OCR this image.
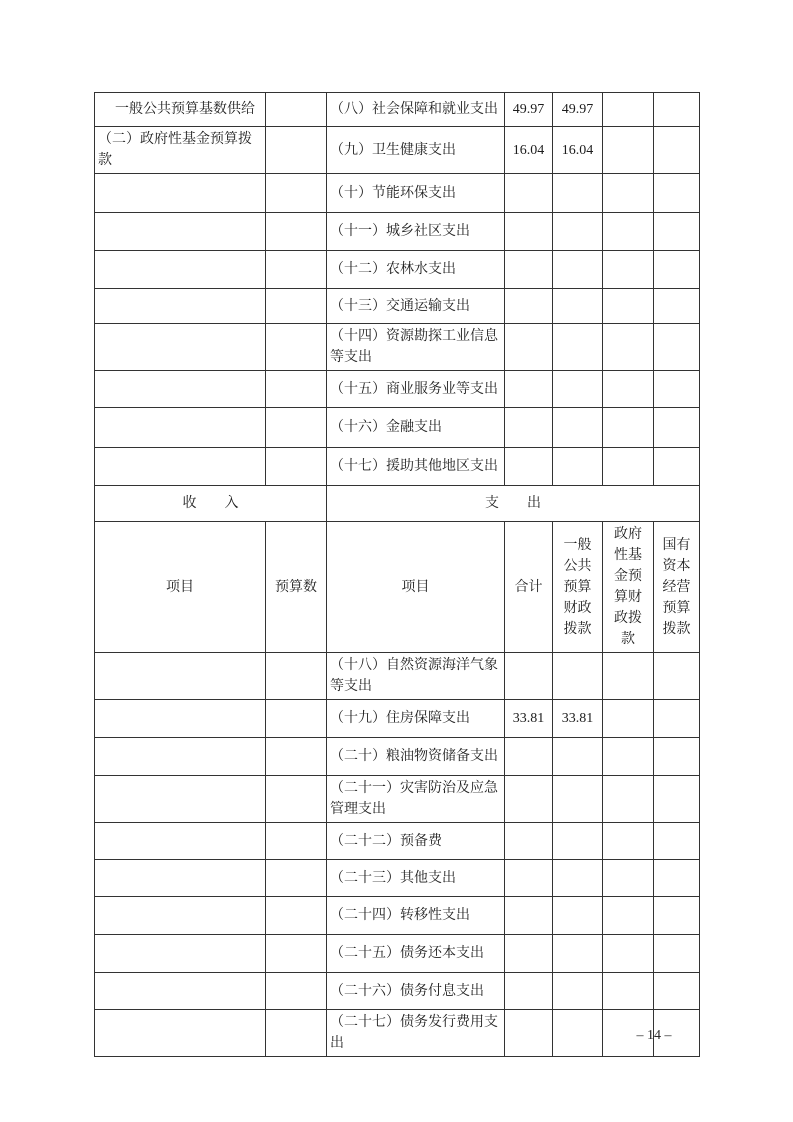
一般公共预算基数供给		（八）社会保障和就业支出	49.97	49.97		
（二）政府性基金预算拨款		（九）卫生健康支出	16.04	16.04		
		（十）节能环保支出				
		（十一）城乡社区支出				
		（十二）农林水支出				
		（十三）交通运输支出				
		（十四）资源勘探工业信息等支出				
		（十五）商业服务业等支出				
		（十六）金融支出				
		（十七）援助其他地区支出				
收　　入		支　　出				
项目	预算数	项目	合计	一般公共预算财政拨款	政府性基金预算财政拨款	国有资本经营预算拨款
		（十八）自然资源海洋气象等支出				
		（十九）住房保障支出	33.81	33.81		
		（二十）粮油物资储备支出				
		（二十一）灾害防治及应急管理支出				
		（二十二）预备费				
		（二十三）其他支出				
		（二十四）转移性支出				
		（二十五）债务还本支出				
		（二十六）债务付息支出				
		（二十七）债务发行费用支出				
– 14 –
